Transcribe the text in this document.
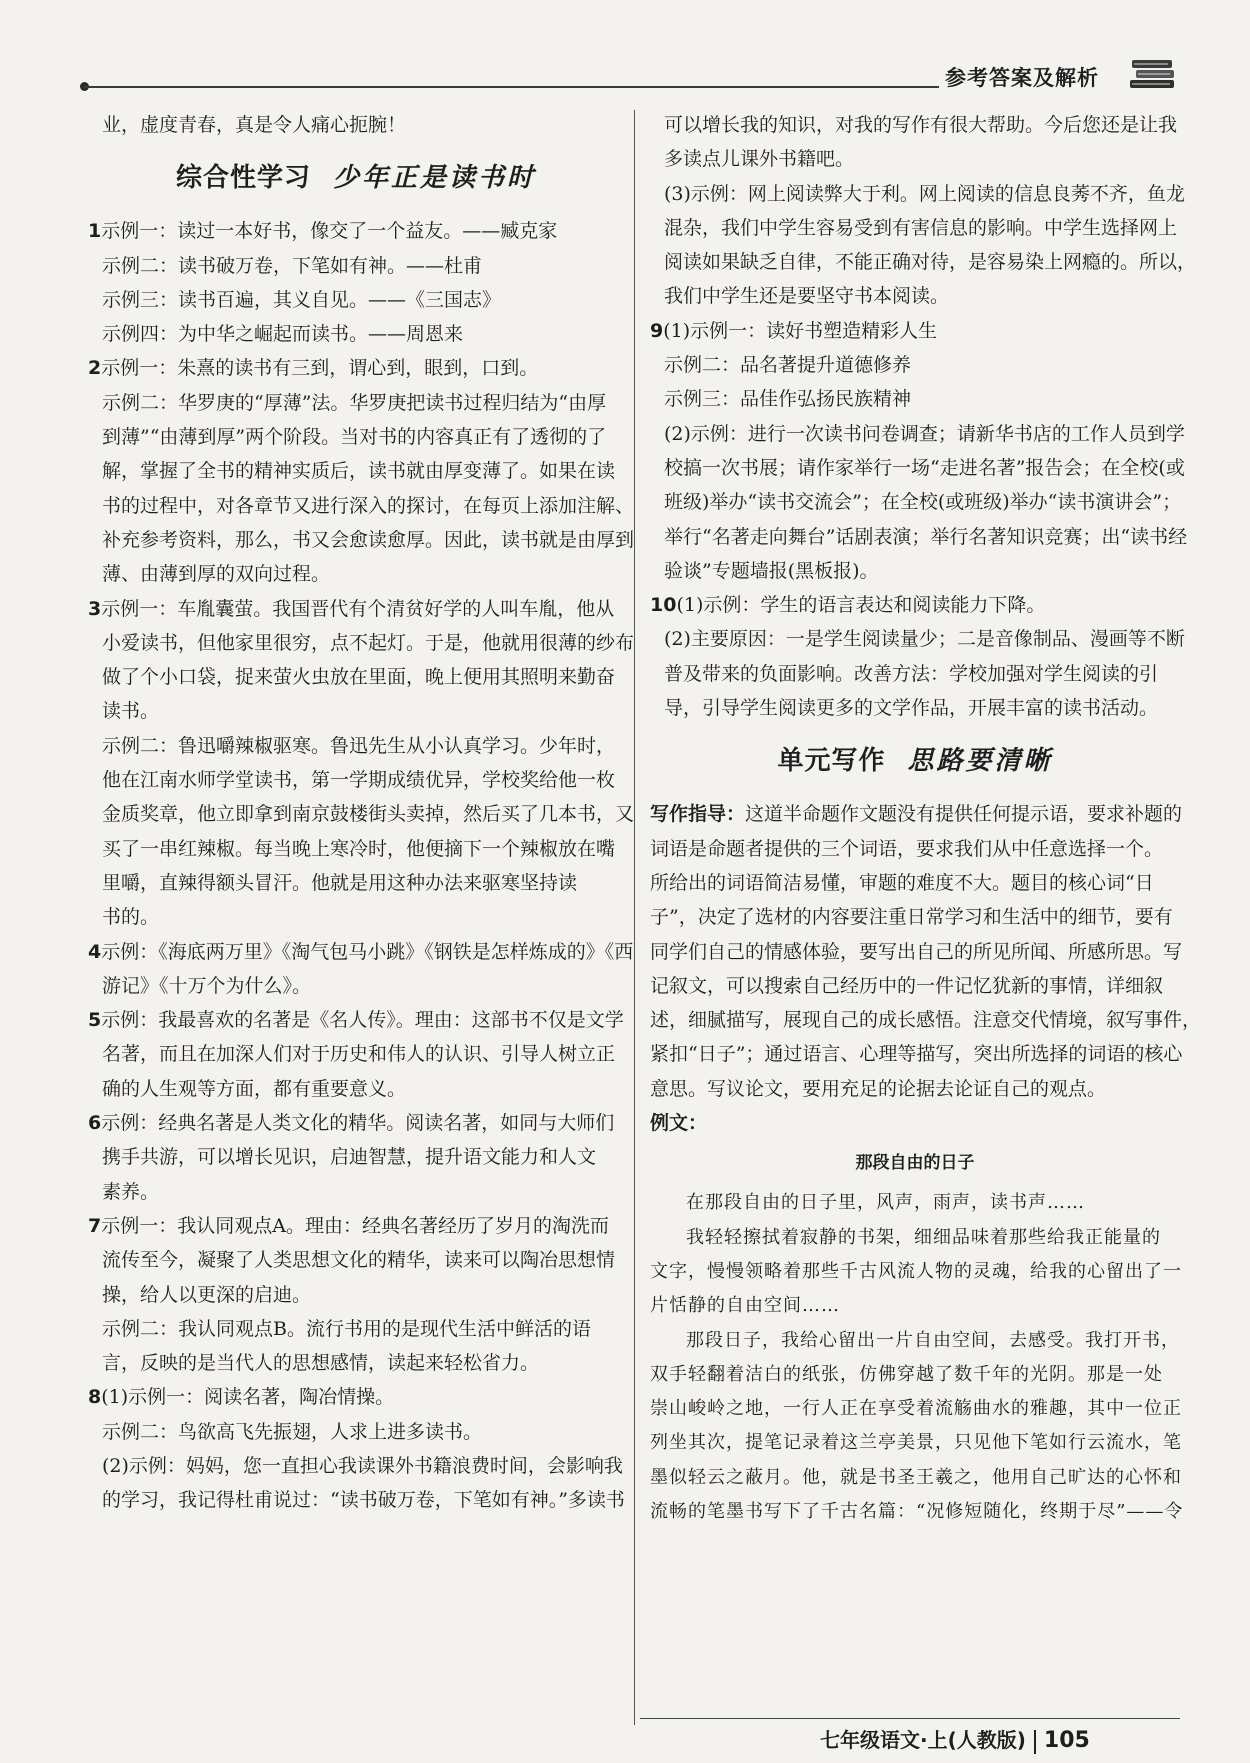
参考答案及解析
业，虚度青春，真是令人痛心扼腕！
综合性学习 少年正是读书时
1示例一：读过一本好书，像交了一个益友。——臧克家
示例二：读书破万卷，下笔如有神。——杜甫
示例三：读书百遍，其义自见。——《三国志》
示例四：为中华之崛起而读书。——周恩来
2示例一：朱熹的读书有三到，谓心到，眼到，口到。
示例二：华罗庚的“厚薄”法。华罗庚把读书过程归结为“由厚
到薄”“由薄到厚”两个阶段。当对书的内容真正有了透彻的了
解，掌握了全书的精神实质后，读书就由厚变薄了。如果在读
书的过程中，对各章节又进行深入的探讨，在每页上添加注解、
补充参考资料，那么，书又会愈读愈厚。因此，读书就是由厚到
薄、由薄到厚的双向过程。
3示例一：车胤囊萤。我国晋代有个清贫好学的人叫车胤，他从
小爱读书，但他家里很穷，点不起灯。于是，他就用很薄的纱布
做了个小口袋，捉来萤火虫放在里面，晚上便用其照明来勤奋
读书。
示例二：鲁迅嚼辣椒驱寒。鲁迅先生从小认真学习。少年时，
他在江南水师学堂读书，第一学期成绩优异，学校奖给他一枚
金质奖章，他立即拿到南京鼓楼街头卖掉，然后买了几本书，又
买了一串红辣椒。每当晚上寒冷时，他便摘下一个辣椒放在嘴
里嚼，直辣得额头冒汗。他就是用这种办法来驱寒坚持读
书的。
4示例：《海底两万里》《淘气包马小跳》《钢铁是怎样炼成的》《西
游记》《十万个为什么》。
5示例：我最喜欢的名著是《名人传》。理由：这部书不仅是文学
名著，而且在加深人们对于历史和伟人的认识、引导人树立正
确的人生观等方面，都有重要意义。
6示例：经典名著是人类文化的精华。阅读名著，如同与大师们
携手共游，可以增长见识，启迪智慧，提升语文能力和人文
素养。
7示例一：我认同观点A。理由：经典名著经历了岁月的淘洗而
流传至今，凝聚了人类思想文化的精华，读来可以陶冶思想情
操，给人以更深的启迪。
示例二：我认同观点B。流行书用的是现代生活中鲜活的语
言，反映的是当代人的思想感情，读起来轻松省力。
8(1)示例一：阅读名著，陶冶情操。
示例二：鸟欲高飞先振翅，人求上进多读书。
(2)示例：妈妈，您一直担心我读课外书籍浪费时间，会影响我
的学习，我记得杜甫说过：“读书破万卷，下笔如有神。”多读书
可以增长我的知识，对我的写作有很大帮助。今后您还是让我
多读点儿课外书籍吧。
(3)示例：网上阅读弊大于利。网上阅读的信息良莠不齐，鱼龙
混杂，我们中学生容易受到有害信息的影响。中学生选择网上
阅读如果缺乏自律，不能正确对待，是容易染上网瘾的。所以，
我们中学生还是要坚守书本阅读。
9(1)示例一：读好书塑造精彩人生
示例二：品名著提升道德修养
示例三：品佳作弘扬民族精神
(2)示例：进行一次读书问卷调查；请新华书店的工作人员到学
校搞一次书展；请作家举行一场“走进名著”报告会；在全校(或
班级)举办“读书交流会”；在全校(或班级)举办“读书演讲会”；
举行“名著走向舞台”话剧表演；举行名著知识竞赛；出“读书经
验谈”专题墙报(黑板报)。
10(1)示例：学生的语言表达和阅读能力下降。
(2)主要原因：一是学生阅读量少；二是音像制品、漫画等不断
普及带来的负面影响。改善方法：学校加强对学生阅读的引
导，引导学生阅读更多的文学作品，开展丰富的读书活动。
单元写作 思路要清晰
写作指导：这道半命题作文题没有提供任何提示语，要求补题的
词语是命题者提供的三个词语，要求我们从中任意选择一个。
所给出的词语简洁易懂，审题的难度不大。题目的核心词“日
子”，决定了选材的内容要注重日常学习和生活中的细节，要有
同学们自己的情感体验，要写出自己的所见所闻、所感所思。写
记叙文，可以搜索自己经历中的一件记忆犹新的事情，详细叙
述，细腻描写，展现自己的成长感悟。注意交代情境，叙写事件，
紧扣“日子”；通过语言、心理等描写，突出所选择的词语的核心
意思。写议论文，要用充足的论据去论证自己的观点。
例文：
那段自由的日子
在那段自由的日子里，风声，雨声，读书声……
我轻轻擦拭着寂静的书架，细细品味着那些给我正能量的
文字，慢慢领略着那些千古风流人物的灵魂，给我的心留出了一
片恬静的自由空间……
那段日子，我给心留出一片自由空间，去感受。我打开书，
双手轻翻着洁白的纸张，仿佛穿越了数千年的光阴。那是一处
崇山峻岭之地，一行人正在享受着流觞曲水的雅趣，其中一位正
列坐其次，提笔记录着这兰亭美景，只见他下笔如行云流水，笔
墨似轻云之蔽月。他，就是书圣王羲之，他用自己旷达的心怀和
流畅的笔墨书写下了千古名篇：“况修短随化，终期于尽”——令
七年级语文·上(人教版) 105
